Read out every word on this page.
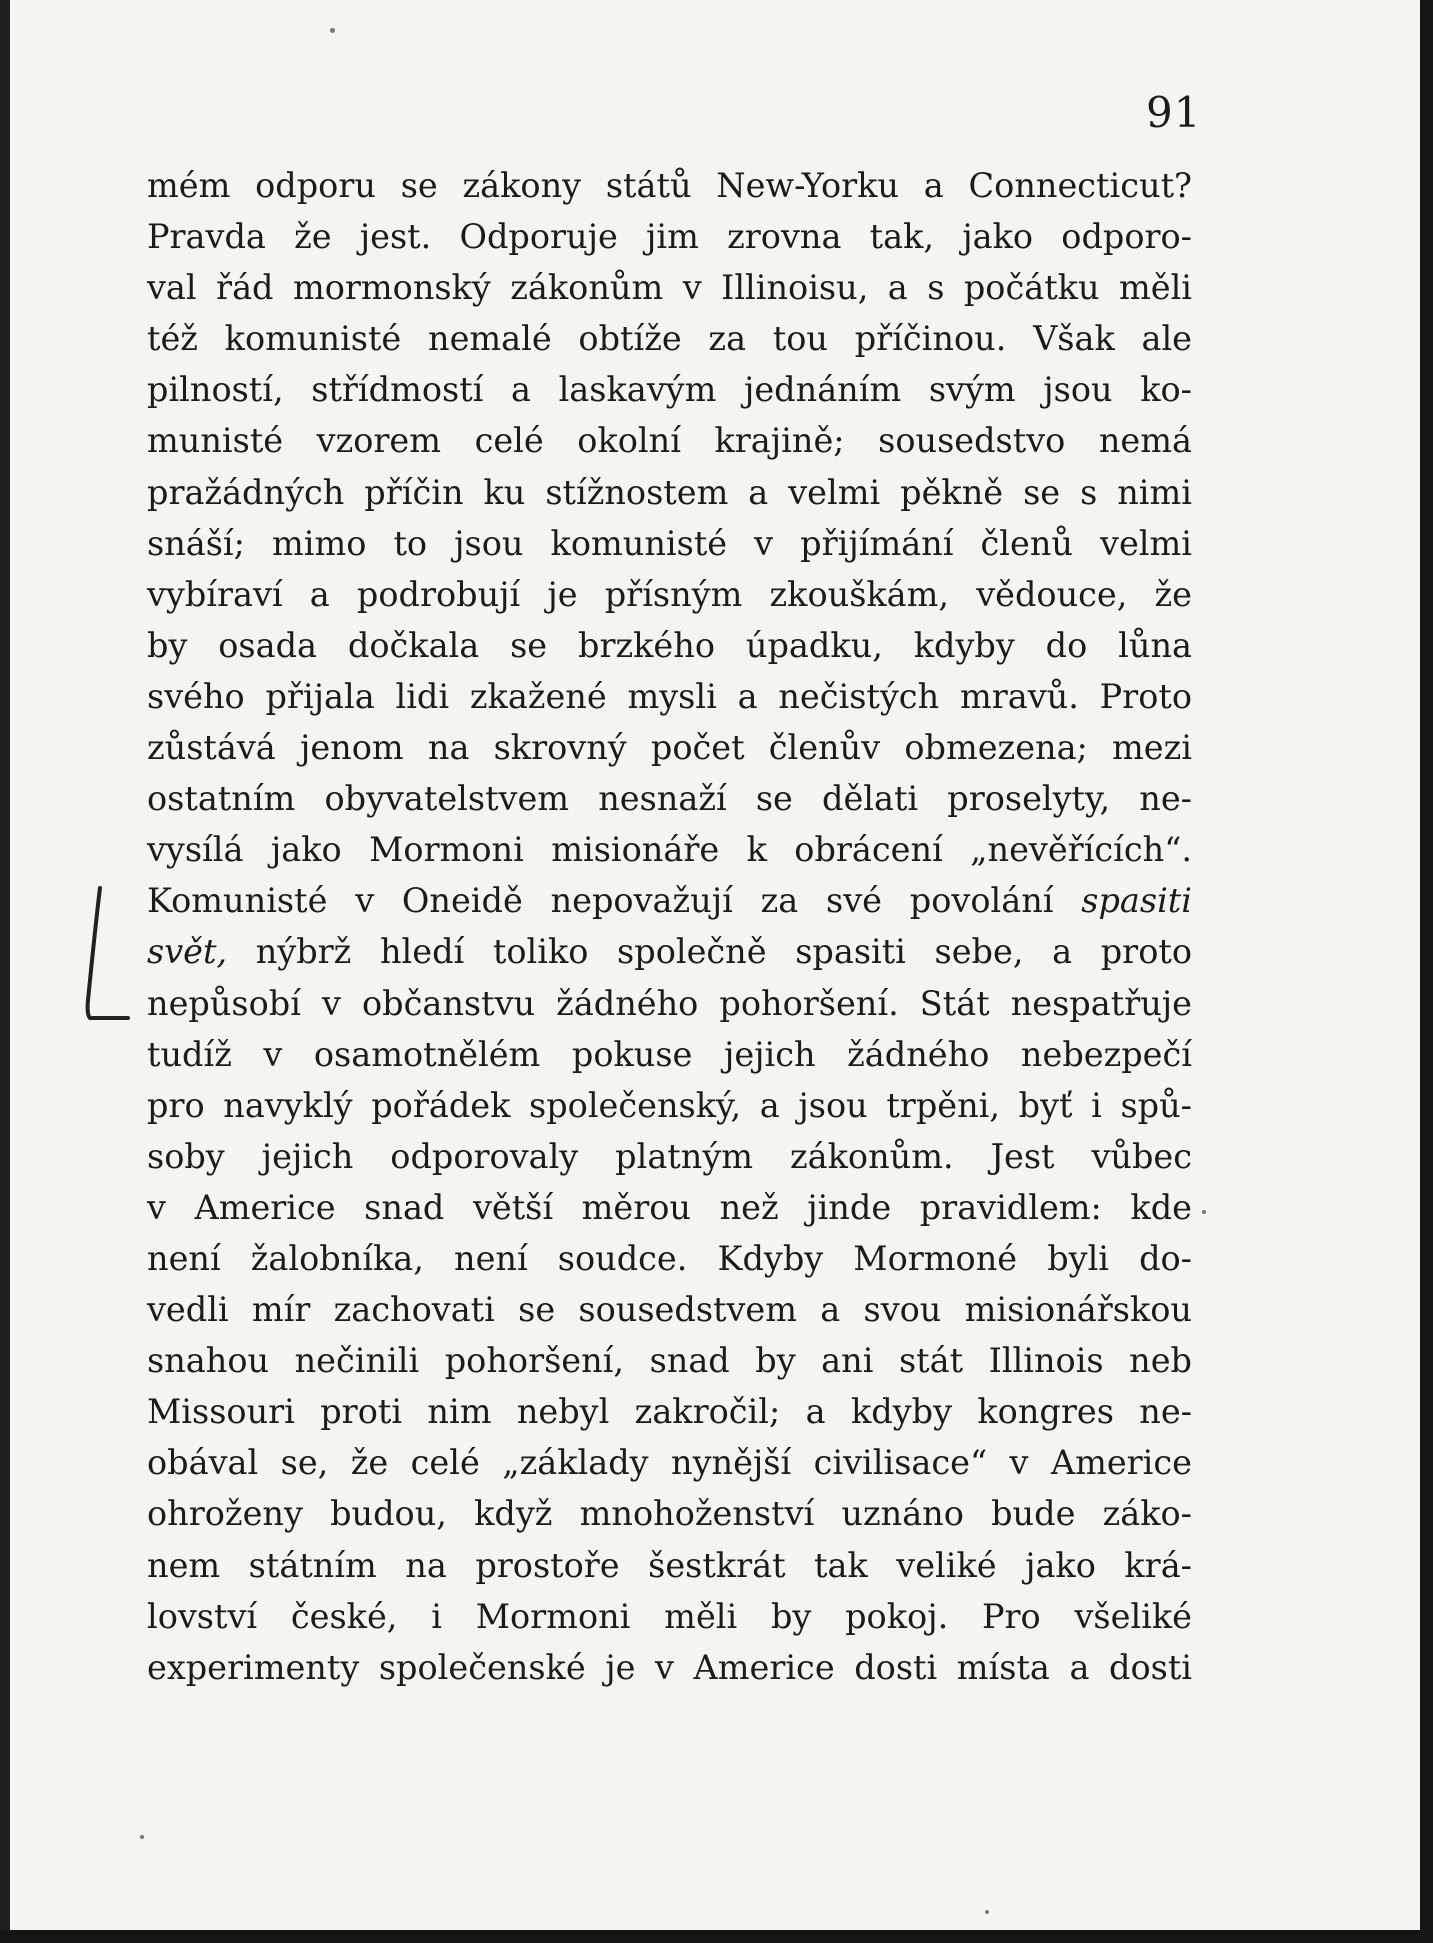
91
mém odporu se zákony států New-Yorku a Connecticut?
Pravda že jest. Odporuje jim zrovna tak, jako odporo-
val řád mormonský zákonům v Illinoisu, a s počátku měli
též komunisté nemalé obtíže za tou příčinou. Však ale
pilností, střídmostí a laskavým jednáním svým jsou ko-
munisté vzorem celé okolní krajině; sousedstvo nemá
pražádných příčin ku stížnostem a velmi pěkně se s nimi
snáší; mimo to jsou komunisté v přijímání členů velmi
vybíraví a podrobují je přísným zkouškám, vědouce, že
by osada dočkala se brzkého úpadku, kdyby do lůna
svého přijala lidi zkažené mysli a nečistých mravů. Proto
zůstává jenom na skrovný počet členův obmezena; mezi
ostatním obyvatelstvem nesnaží se dělati proselyty, ne-
vysílá jako Mormoni misionáře k obrácení „nevěřících“.
Komunisté v Oneidě nepovažují za své povolání spasiti
svět, nýbrž hledí toliko společně spasiti sebe, a proto
nepůsobí v občanstvu žádného pohoršení. Stát nespatřuje
tudíž v osamotnělém pokuse jejich žádného nebezpečí
pro navyklý pořádek společenský, a jsou trpěni, byť i spů-
soby jejich odporovaly platným zákonům. Jest vůbec
v Americe snad větší měrou než jinde pravidlem: kde
není žalobníka, není soudce. Kdyby Mormoné byli do-
vedli mír zachovati se sousedstvem a svou misionářskou
snahou nečinili pohoršení, snad by ani stát Illinois neb
Missouri proti nim nebyl zakročil; a kdyby kongres ne-
obával se, že celé „základy nynější civilisace“ v Americe
ohroženy budou, když mnohoženství uznáno bude záko-
nem státním na prostoře šestkrát tak veliké jako krá-
lovství české, i Mormoni měli by pokoj. Pro všeliké
experimenty společenské je v Americe dosti místa a dosti
